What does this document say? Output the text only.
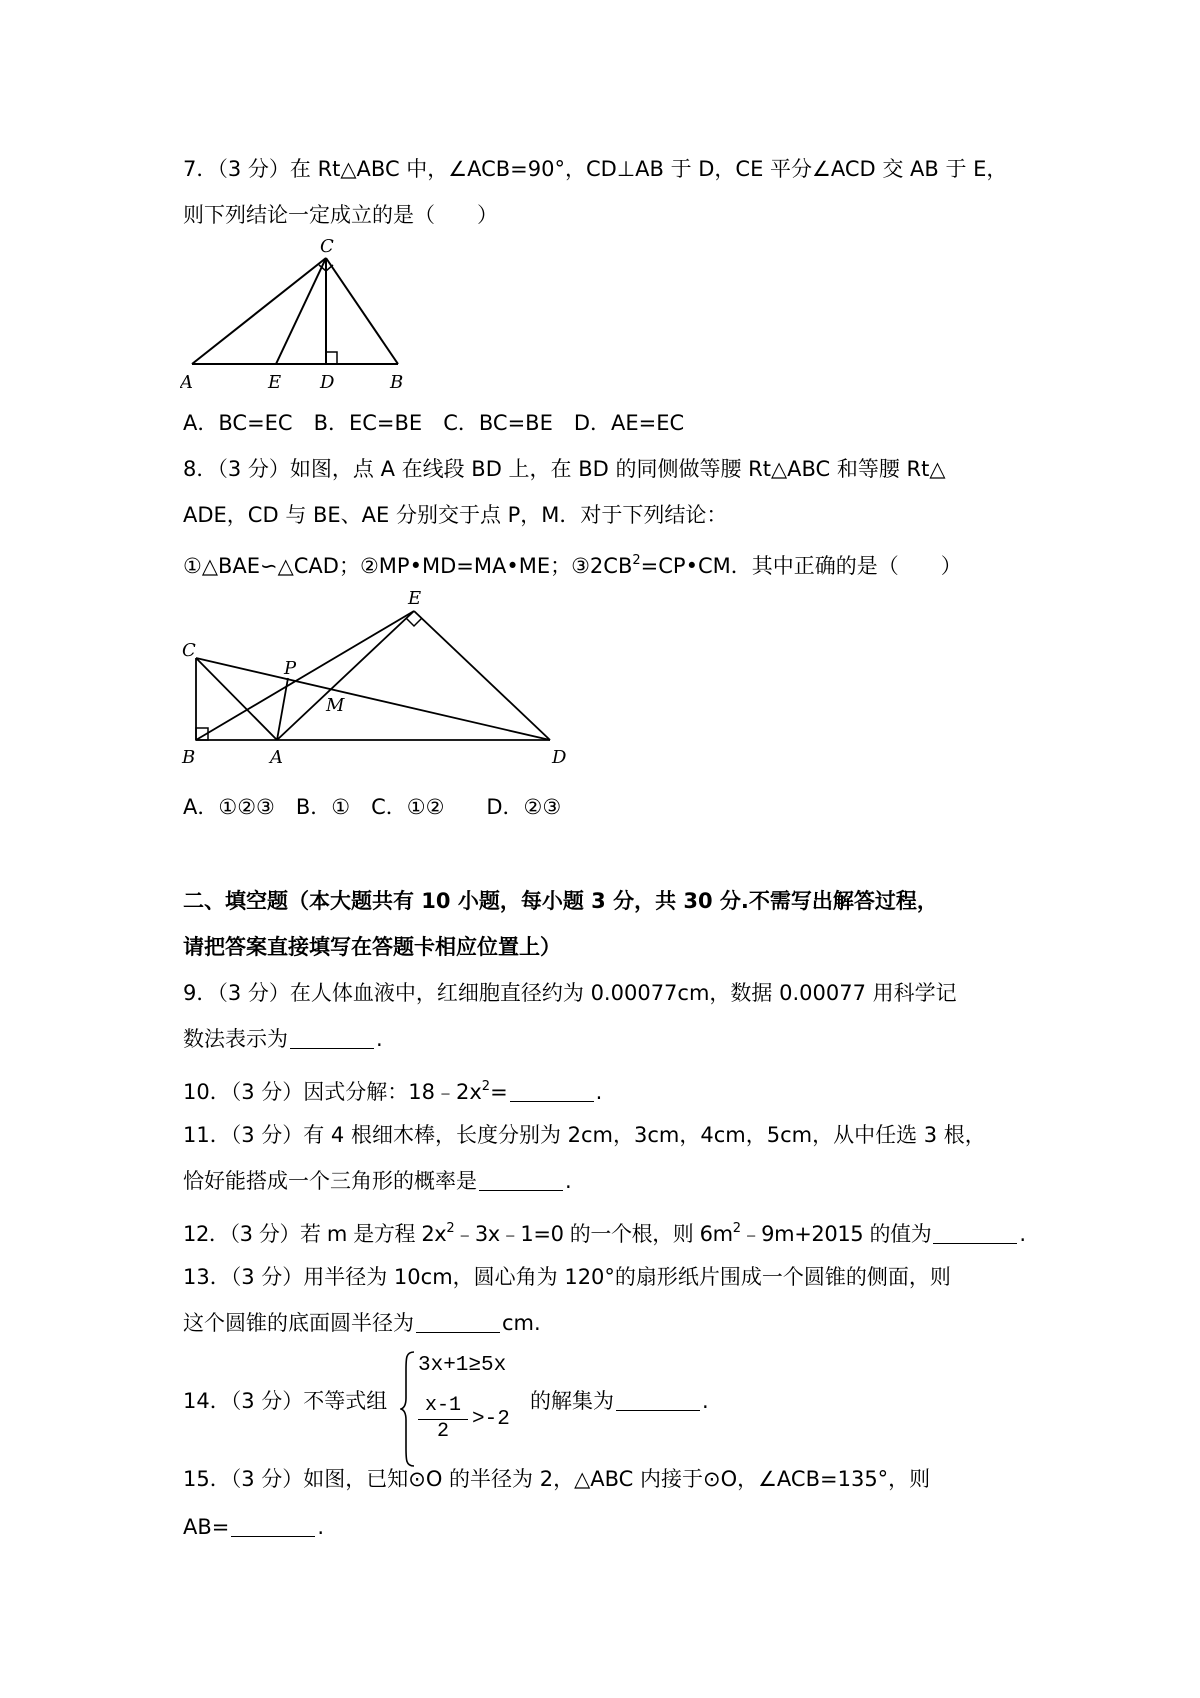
7．（3 分）在 Rt△ABC 中，∠ACB=90°，CD⊥AB 于 D，CE 平分∠ACD 交 AB 于 E，
则下列结论一定成立的是（　　）
C
A	E D	B
A．BC=EC　B．EC=BE　C．BC=BE　D．AE=EC
8．（3 分）如图，点 A 在线段 BD 上，在 BD 的同侧做等腰 Rt△ABC 和等腰 Rt△
ADE，CD 与 BE、AE 分别交于点 P，M．对于下列结论：
①△BAE∽△CAD；②MP•MD=MA•ME；$③2CB^2=CP•CM$．其中正确的是（　　）
E
C
P
M
B	A	D
A．①②③　B．①　C．①②　　D．②③
二、填空题（本大题共有 10 小题，每小题 3 分，共 30 分.不需写出解答过程，
请把答案直接填写在答题卡相应位置上）
9．（3 分）在人体血液中，红细胞直径约为 0.00077cm，数据 0.00077 用科学记
数法表示为	.
10．（3 分）因式分解：$18﹣2x^2=$	.
11．（3 分）有 4 根细木棒，长度分别为 2cm，3cm，4cm，5cm，从中任选 3 根，
恰好能搭成一个三角形的概率是	.
12．（3 分）若 m 是方程 $2x^2﹣3x﹣1=0$ 的一个根，则 $6m^2﹣9m+2015$ 的值为	.
13．（3 分）用半径为 10cm，圆心角为 120°的扇形纸片围成一个圆锥的侧面，则
这个圆锥的底面圆半径为	cm.
14．（3 分）不等式组
3x+1≥5x
$\frac{x-1}{2} >-2$
的解集为	.
15．（3 分）如图，已知⊙O 的半径为 2，△ABC 内接于⊙O，∠ACB=135°，则
AB=	.
